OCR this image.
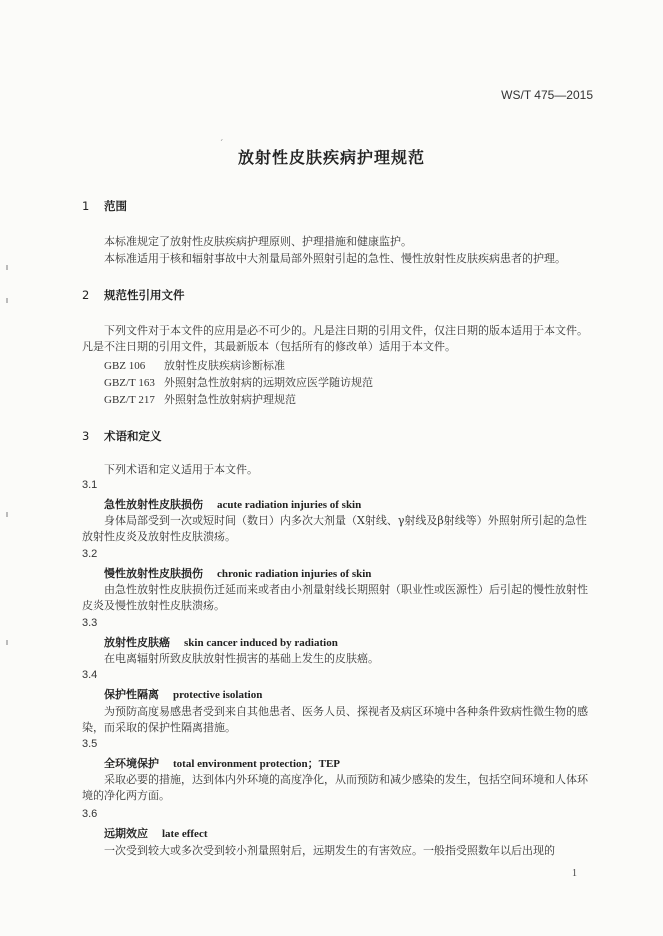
WS/T 475—2015
ˊ
放射性皮肤疾病护理规范
1 范围
本标准规定了放射性皮肤疾病护理原则、护理措施和健康监护。
本标准适用于核和辐射事故中大剂量局部外照射引起的急性、慢性放射性皮肤疾病患者的护理。
2 规范性引用文件
下列文件对于本文件的应用是必不可少的。凡是注日期的引用文件，仅注日期的版本适用于本文件。凡是不注日期的引用文件，其最新版本（包括所有的修改单）适用于本文件。
GBZ 106 放射性皮肤疾病诊断标准
GBZ/T 163 外照射急性放射病的远期效应医学随访规范
GBZ/T 217 外照射急性放射病护理规范
3 术语和定义
下列术语和定义适用于本文件。
3.1
急性放射性皮肤损伤 acute radiation injuries of skin
身体局部受到一次或短时间（数日）内多次大剂量（X射线、γ射线及β射线等）外照射所引起的急性放射性皮炎及放射性皮肤溃疡。
3.2
慢性放射性皮肤损伤 chronic radiation injuries of skin
由急性放射性皮肤损伤迁延而来或者由小剂量射线长期照射（职业性或医源性）后引起的慢性放射性皮炎及慢性放射性皮肤溃疡。
3.3
放射性皮肤癌 skin cancer induced by radiation
在电离辐射所致皮肤放射性损害的基础上发生的皮肤癌。
3.4
保护性隔离 protective isolation
为预防高度易感患者受到来自其他患者、医务人员、探视者及病区环境中各种条件致病性微生物的感染，而采取的保护性隔离措施。
3.5
全环境保护 total environment protection；TEP
采取必要的措施，达到体内外环境的高度净化，从而预防和减少感染的发生，包括空间环境和人体环境的净化两方面。
3.6
远期效应 late effect
一次受到较大或多次受到较小剂量照射后，远期发生的有害效应。一般指受照数年以后出现的
1
